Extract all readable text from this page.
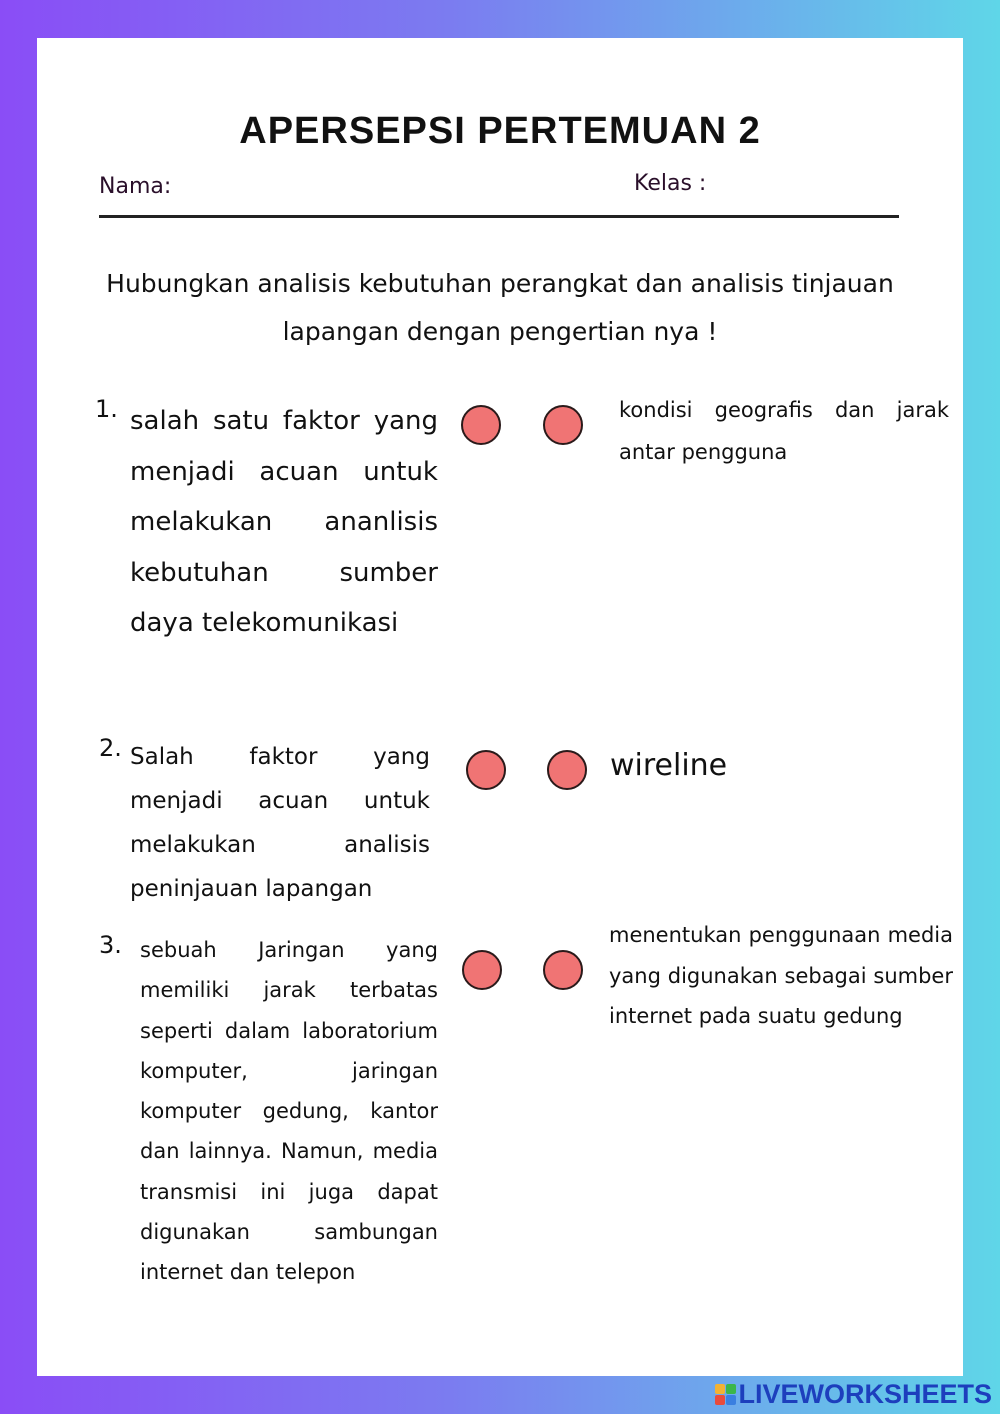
APERSEPSI PERTEMUAN 2
Nama:	Kelas :
Hubungkan analisis kebutuhan perangkat dan analisis tinjauan lapangan dengan pengertian nya !
1. salah satu faktor yang menjadi acuan untuk melakukan ananlisis kebutuhan sumber daya telekomunikasi
2. Salah faktor yang menjadi acuan untuk melakukan analisis peninjauan lapangan
3. sebuah Jaringan yang memiliki jarak terbatas seperti dalam laboratorium komputer, jaringan komputer gedung, kantor dan lainnya. Namun, media transmisi ini juga dapat digunakan sambungan internet dan telepon
kondisi geografis dan jarak antar pengguna
wireline
menentukan penggunaan media yang digunakan sebagai sumber internet pada suatu gedung
LIVEWORKSHEETS
